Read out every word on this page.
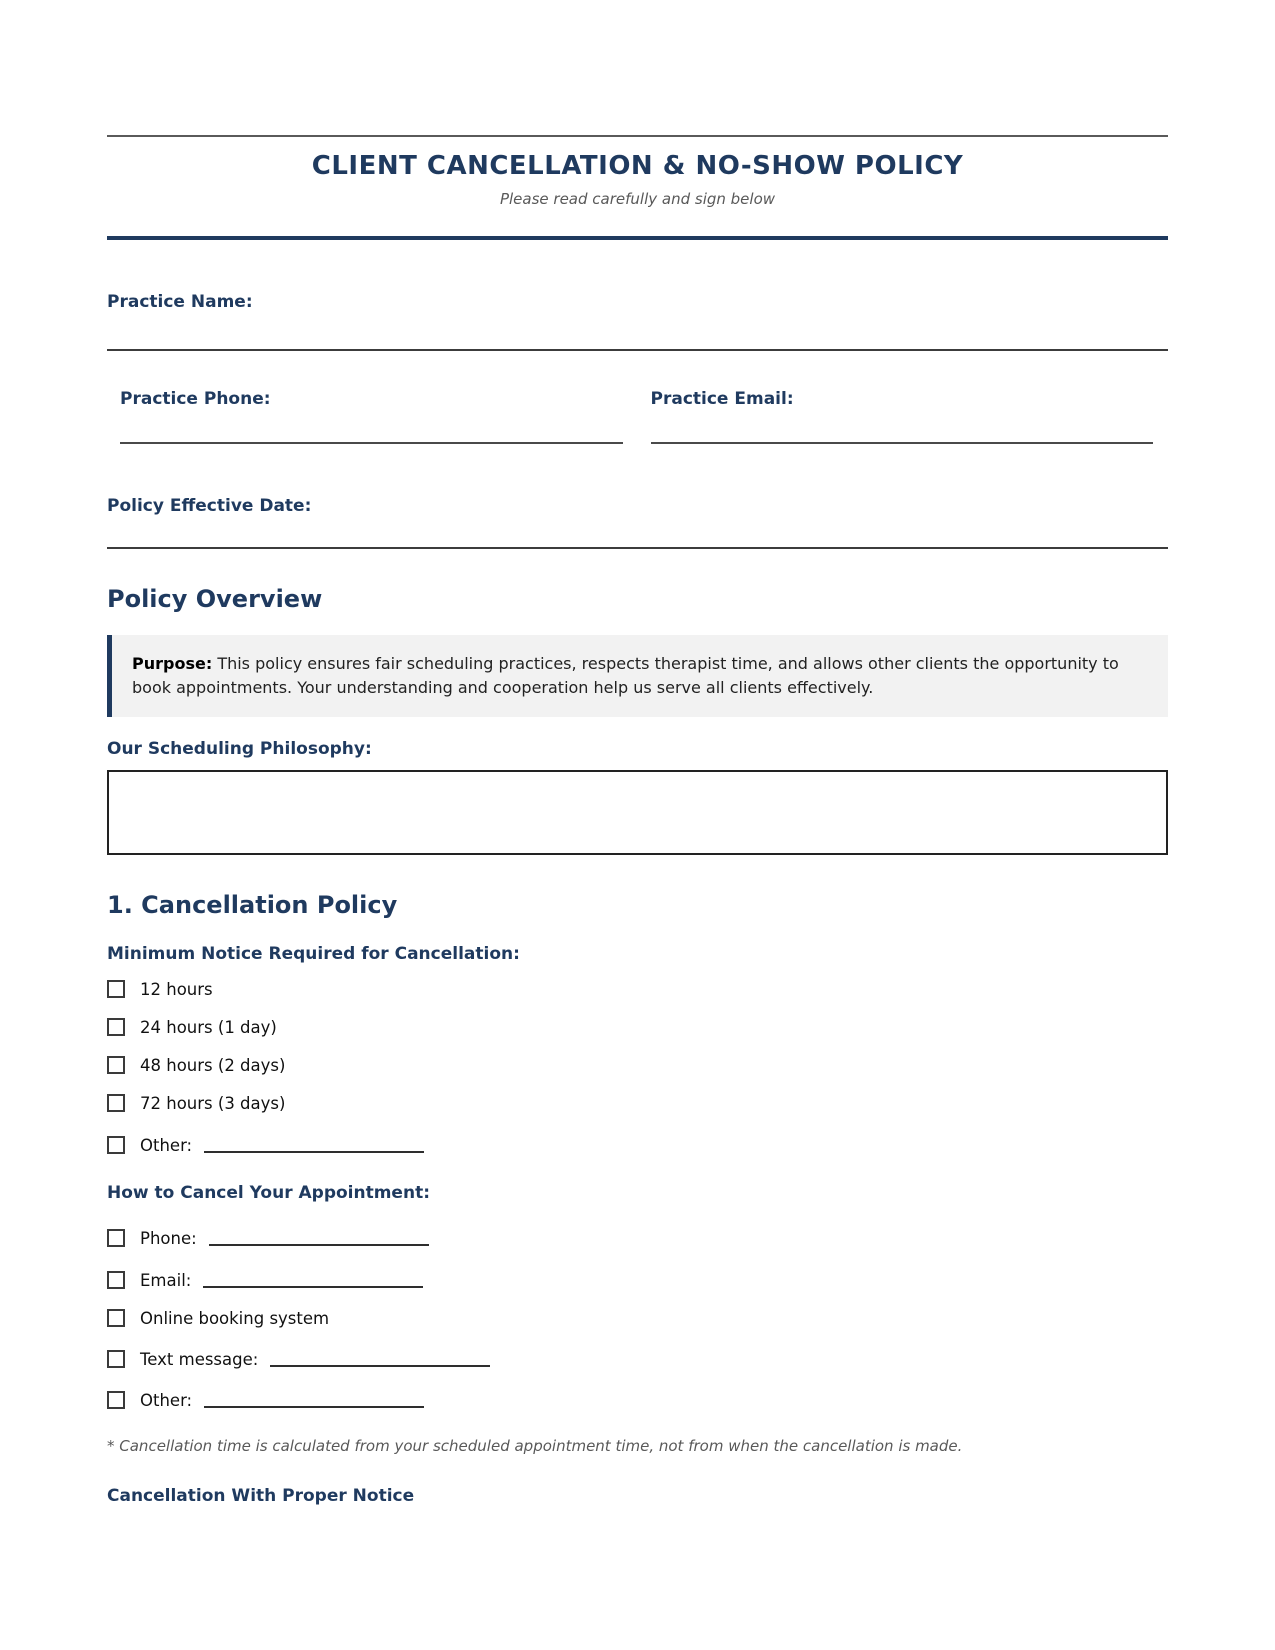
CLIENT CANCELLATION & NO-SHOW POLICY
Please read carefully and sign below
Practice Name:
Practice Phone:	Practice Email:
Policy Effective Date:
Policy Overview
Purpose: This policy ensures fair scheduling practices, respects therapist time, and allows other clients the opportunity to book appointments. Your understanding and cooperation help us serve all clients effectively.
Our Scheduling Philosophy:
1. Cancellation Policy
Minimum Notice Required for Cancellation:
12 hours
24 hours (1 day)
48 hours (2 days)
72 hours (3 days)
Other:
How to Cancel Your Appointment:
Phone:
Email:
Online booking system
Text message:
Other:
* Cancellation time is calculated from your scheduled appointment time, not from when the cancellation is made.
Cancellation With Proper Notice
